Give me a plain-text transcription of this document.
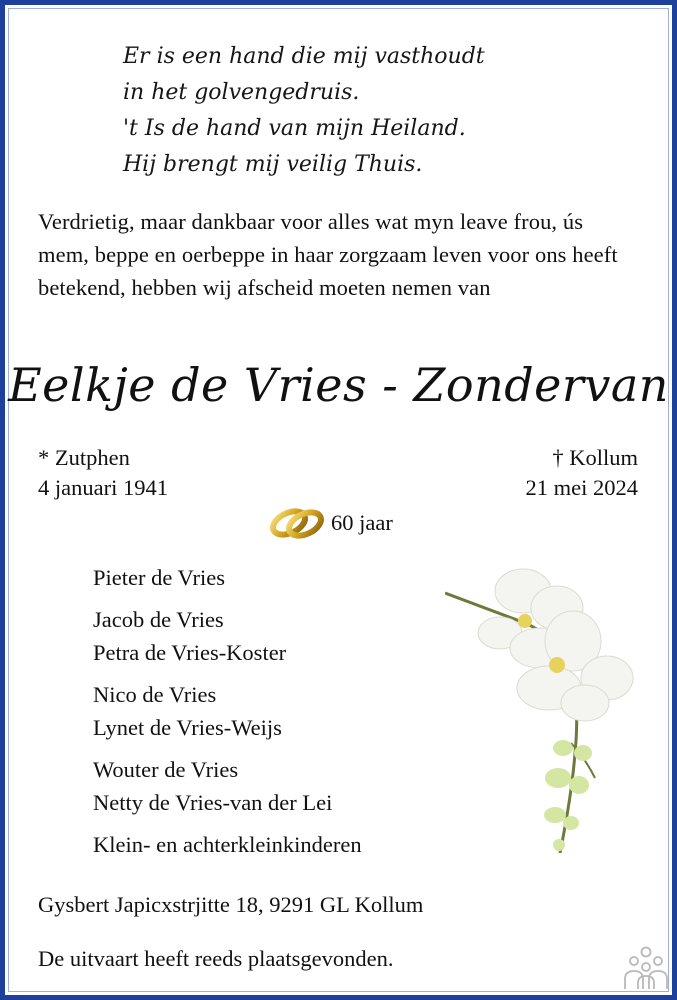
Er is een hand die mij vasthoudt
in het golvengedruis.
't Is de hand van mijn Heiland.
Hij brengt mij veilig Thuis.
Verdrietig, maar dankbaar voor alles wat myn leave frou, ús mem, beppe en oerbeppe in haar zorgzaam leven voor ons heeft betekend, hebben wij afscheid moeten nemen van
Eelkje de Vries - Zondervan
* Zutphen
4 januari 1941
† Kollum
21 mei 2024
60 jaar
Pieter de Vries
Jacob de Vries
Petra de Vries-Koster
Nico de Vries
Lynet de Vries-Weijs
Wouter de Vries
Netty de Vries-van der Lei
Klein- en achterkleinkinderen
Gysbert Japicxstrjitte 18, 9291 GL Kollum
De uitvaart heeft reeds plaatsgevonden.
